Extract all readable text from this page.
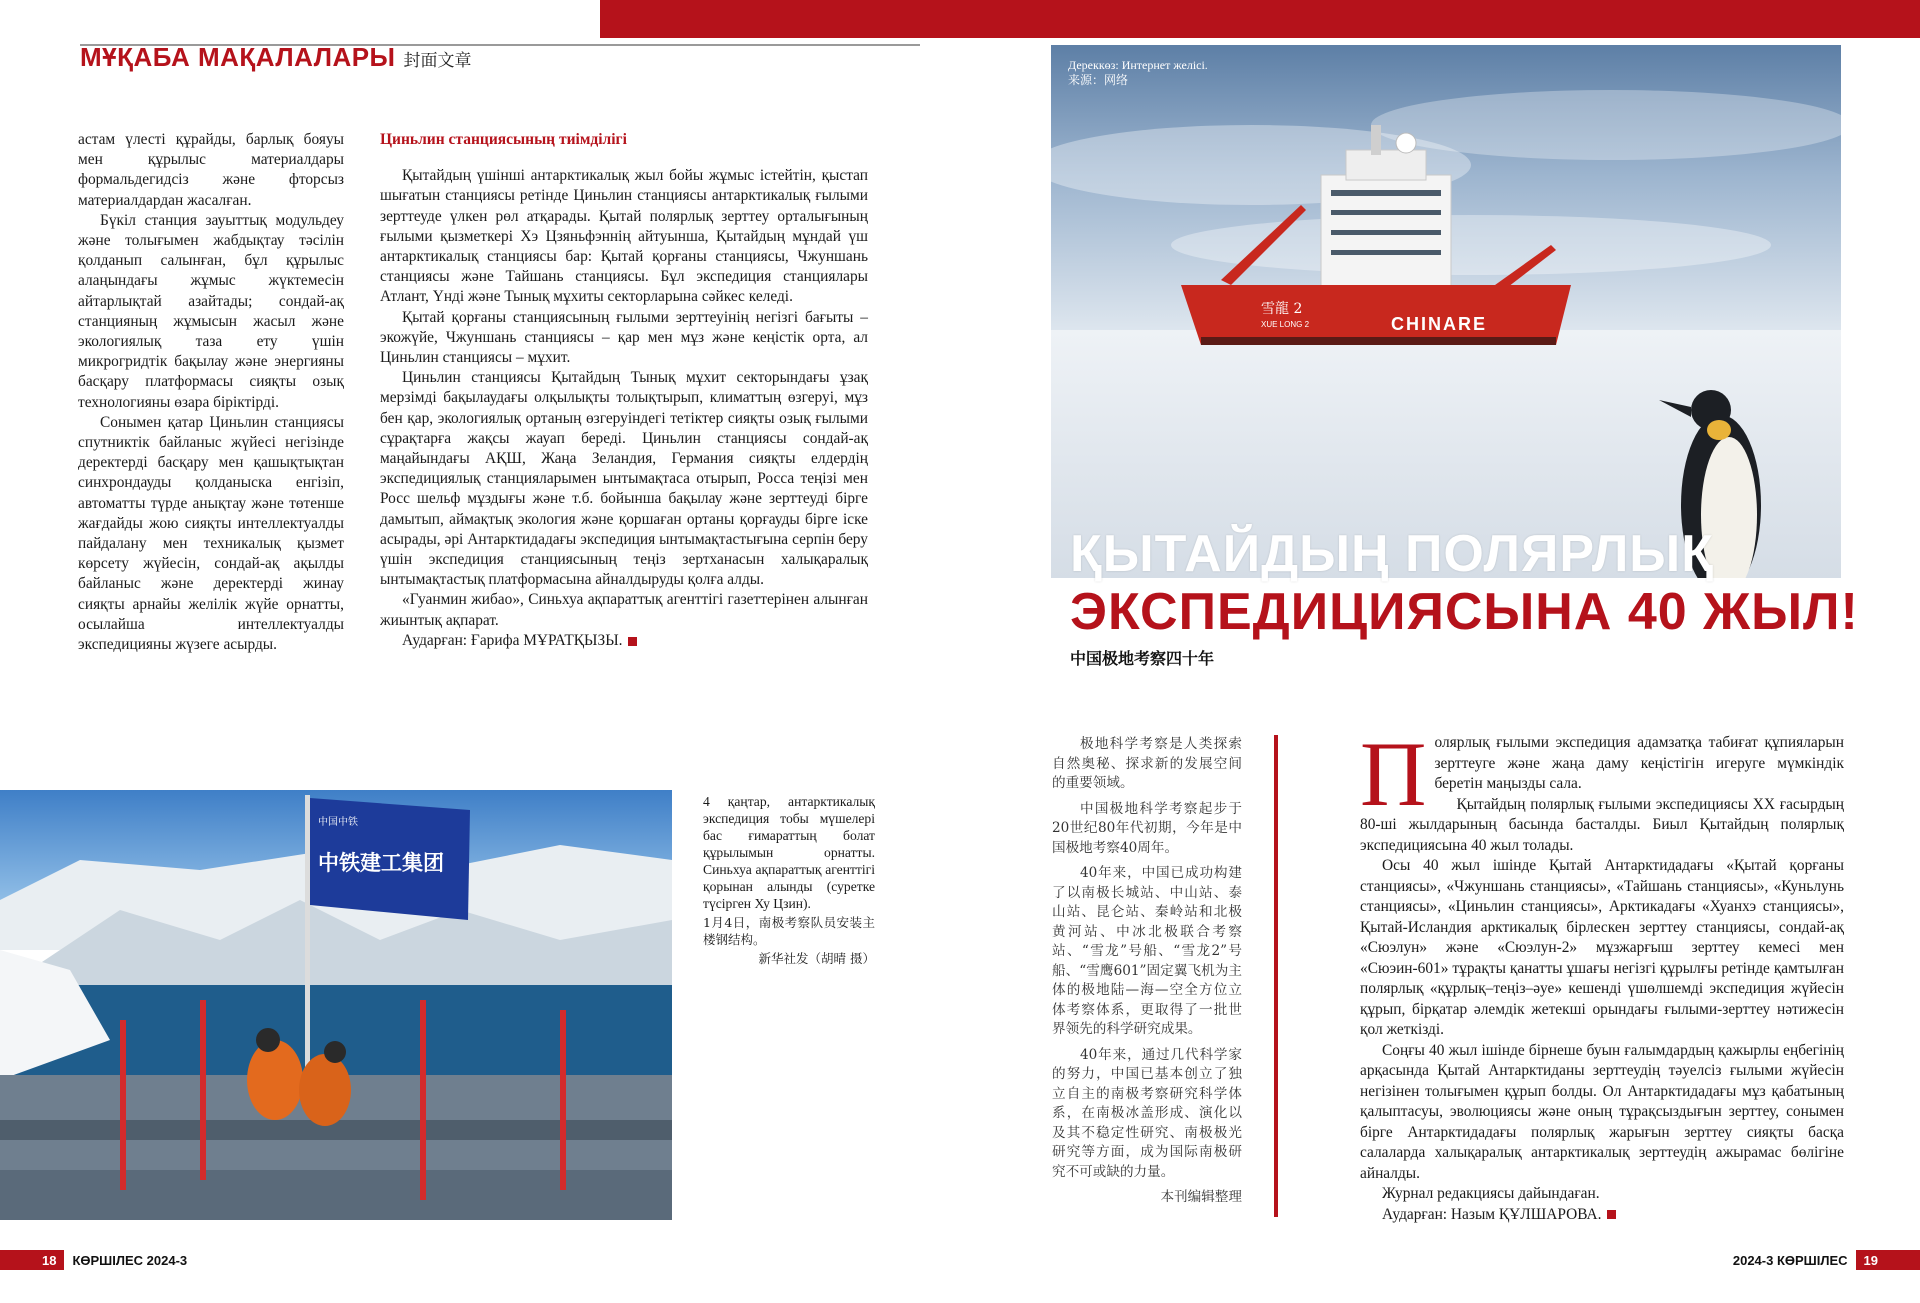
МҰҚАБА МАҚАЛАЛАРЫ 封面文章

астам үлесті құрайды, барлық бояуы мен құрылыс материалдары формальдегидсіз және фторсыз материалдардан жасалған.

Бүкіл станция зауыттық модульдеу және толығымен жабдықтау тәсілін қолданып салынған, бұл құрылыс алаңындағы жұмыс жүктемесін айтарлықтай азайтады; сондай-ақ станцияның жұмысын жасыл және экологиялық таза ету үшін микрогридтік бақылау және энергияны басқару платформасы сияқты озық технологияны өзара біріктірді.

Сонымен қатар Циньлин станциясы спутниктік байланыс жүйесі негізінде деректерді басқару мен қашықтықтан синхрондауды қолданыска енгізіп, автоматты түрде анықтау және төтенше жағдайды жою сияқты интеллектуалды пайдалану мен техникалық қызмет көрсету жүйесін, сондай-ақ ақылды байланыс және деректерді жинау сияқты арнайы желілік жүйе орнатты, осылайша интеллектуалды экспедицияны жүзеге асырды.

Циньлин станциясының тиімділігі

Қытайдың үшінші антарктикалық жыл бойы жұмыс істейтін, қыстап шығатын станциясы ретінде Циньлин станциясы антарктикалық ғылыми зерттеуде үлкен рөл атқарады. Қытай полярлық зерттеу орталығының ғылыми қызметкері Хэ Цзяньфэннің айтуынша, Қытайдың мұндай үш антарктикалық станциясы бар: Қытай қорғаны станциясы, Чжуншань станциясы және Тайшань станциясы. Бұл экспедиция станциялары Атлант, Үнді және Тынық мұхиты секторларына сәйкес келеді.

Қытай қорғаны станциясының ғылыми зерттеуінің негізгі бағыты – экожүйе, Чжуншань станциясы – қар мен мұз және кеңістік орта, ал Циньлин станциясы – мұхит.

Циньлин станциясы Қытайдың Тынық мұхит секторындағы ұзақ мерзімді бақылаудағы олқылықты толықтырып, климаттың өзгеруі, мұз бен қар, экологиялық ортаның өзгеруіндегі тетіктер сияқты озық ғылыми сұрақтарға жақсы жауап береді. Циньлин станциясы сондай-ақ маңайындағы АҚШ, Жаңа Зеландия, Германия сияқты елдердің экспедициялық станцияларымен ынтымақтаса отырып, Росса теңізі мен Росс шельф мұздығы және т.б. бойынша бақылау және зерттеуді бірге дамытып, аймақтық экология және қоршаған ортаны қорғауды бірге іске асырады, әрі Антарктидадағы экспедиция ынтымақтастығына серпін беру үшін экспедиция станциясының теңіз зертханасын халықаралық ынтымақтастық платформасына айналдыруды қолға алды.

«Гуанмин жибао», Синьхуа ақпараттық агенттігі газеттерінен алынған жиынтық ақпарат.

Аударған: Ғарифа МҰРАТҚЫЗЫ.

雪龍 2
XUE LONG 2	CHINARE
Дереккөз: Интернет желісі.
来源：网络
ҚЫТАЙДЫҢ ПОЛЯРЛЫҚ
ЭКСПЕДИЦИЯСЫНА 40 ЖЫЛ!
中国极地考察四十年
中国中铁
中铁建工集团
4 қаңтар, антарктикалық экспедиция тобы мүшелері бас ғимараттың болат құрылымын орнатты. Синьхуа ақпараттық агенттігі қорынан алынды (суретке түсірген Ху Цзин).
1月4日，南极考察队员安装主楼钢结构。
新华社发（胡晴 摄）

极地科学考察是人类探索自然奥秘、探求新的发展空间的重要领域。

中国极地科学考察起步于20世纪80年代初期，今年是中国极地考察40周年。

40年来，中国已成功构建了以南极长城站、中山站、泰山站、昆仑站、秦岭站和北极黄河站、中冰北极联合考察站、“雪龙”号船、“雪龙2”号船、“雪鹰601”固定翼飞机为主体的极地陆—海—空全方位立体考察体系，更取得了一批世界领先的科学研究成果。

40年来，通过几代科学家的努力，中国已基本创立了独立自主的南极考察研究科学体系，在南极冰盖形成、演化以及其不稳定性研究、南极极光研究等方面，成为国际南极研究不可或缺的力量。

本刊编辑整理

Полярлық ғылыми экспедиция адамзатқа табиғат құпияларын зерттеуге және жаңа даму кеңістігін игеруге мүмкіндік беретін маңызды сала.

Қытайдың полярлық ғылыми экспедициясы XX ғасырдың 80-ші жылдарының басында басталды. Биыл Қытайдың полярлық экспедициясына 40 жыл толады.

Осы 40 жыл ішінде Қытай Антарктидадағы «Қытай қорғаны станциясы», «Чжуншань станциясы», «Тайшань станциясы», «Куньлунь станциясы», «Циньлин станциясы», Арктикадағы «Хуанхэ станциясы», Қытай-Исландия арктикалық бірлескен зерттеу станциясы, сондай-ақ «Сюэлун» және «Сюэлун-2» мұзжарғыш зерттеу кемесі мен «Сюэин-601» тұрақты қанатты ұшағы негізгі құрылғы ретінде қамтылған полярлық «құрлық–теңіз–әуе» кешенді үшөлшемді экспедиция жүйесін құрып, бірқатар әлемдік жетекші орындағы ғылыми-зерттеу нәтижесін қол жеткізді.

Соңғы 40 жыл ішінде бірнеше буын ғалымдардың қажырлы еңбегінің арқасында Қытай Антарктиданы зерттеудің тәуелсіз ғылыми жүйесін негізінен толығымен құрып болды. Ол Антарктидадағы мұз қабатының қалыптасуы, эволюциясы және оның тұрақсыздығын зерттеу, сонымен бірге Антарктидадағы полярлық жарығын зерттеу сияқты басқа салаларда халықаралық антарктикалық зерттеудің ажырамас бөлігіне айналды.

Журнал редакциясы дайындаған.

Аударған: Назым ҚҰЛШАРОВА.

18	КӨРШІЛЕС 2024-3	2024-3 КӨРШІЛЕС	19
